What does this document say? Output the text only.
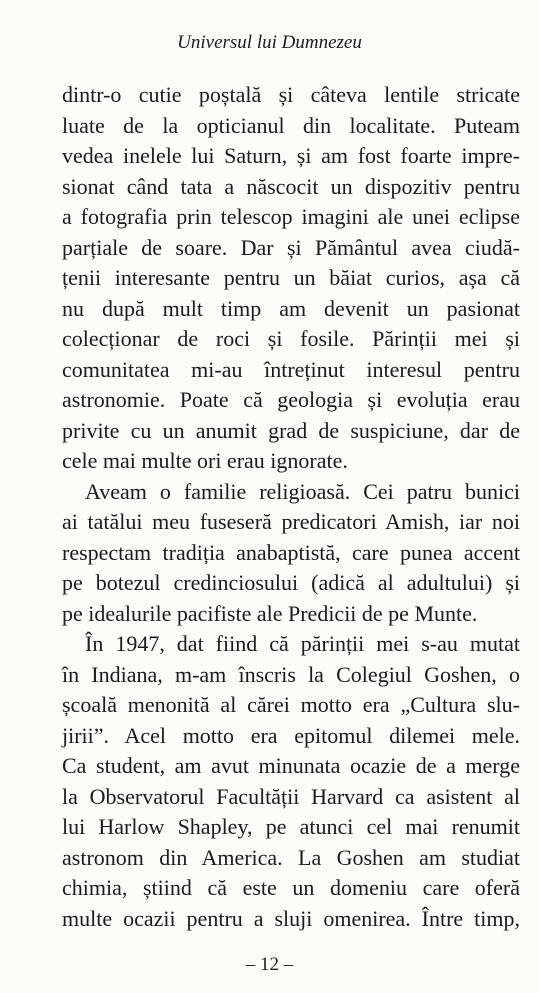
Universul lui Dumnezeu
dintr-o cutie poștală și câteva lentile stricate
luate de la opticianul din localitate. Puteam
vedea inelele lui Saturn, și am fost foarte impre-
sionat când tata a născocit un dispozitiv pentru
a fotografia prin telescop imagini ale unei eclipse
parțiale de soare. Dar și Pământul avea ciudă-
țenii interesante pentru un băiat curios, așa că
nu după mult timp am devenit un pasionat
colecționar de roci și fosile. Părinții mei și
comunitatea mi-au întreținut interesul pentru
astronomie. Poate că geologia și evoluția erau
privite cu un anumit grad de suspiciune, dar de
cele mai multe ori erau ignorate.
Aveam o familie religioasă. Cei patru bunici
ai tatălui meu fuseseră predicatori Amish, iar noi
respectam tradiția anabaptistă, care punea accent
pe botezul credinciosului (adică al adultului) și
pe idealurile pacifiste ale Predicii de pe Munte.
În 1947, dat fiind că părinții mei s-au mutat
în Indiana, m-am înscris la Colegiul Goshen, o
școală menonită al cărei motto era „Cultura slu-
jirii”. Acel motto era epitomul dilemei mele.
Ca student, am avut minunata ocazie de a merge
la Observatorul Facultății Harvard ca asistent al
lui Harlow Shapley, pe atunci cel mai renumit
astronom din America. La Goshen am studiat
chimia, știind că este un domeniu care oferă
multe ocazii pentru a sluji omenirea. Între timp,
– 12 –
